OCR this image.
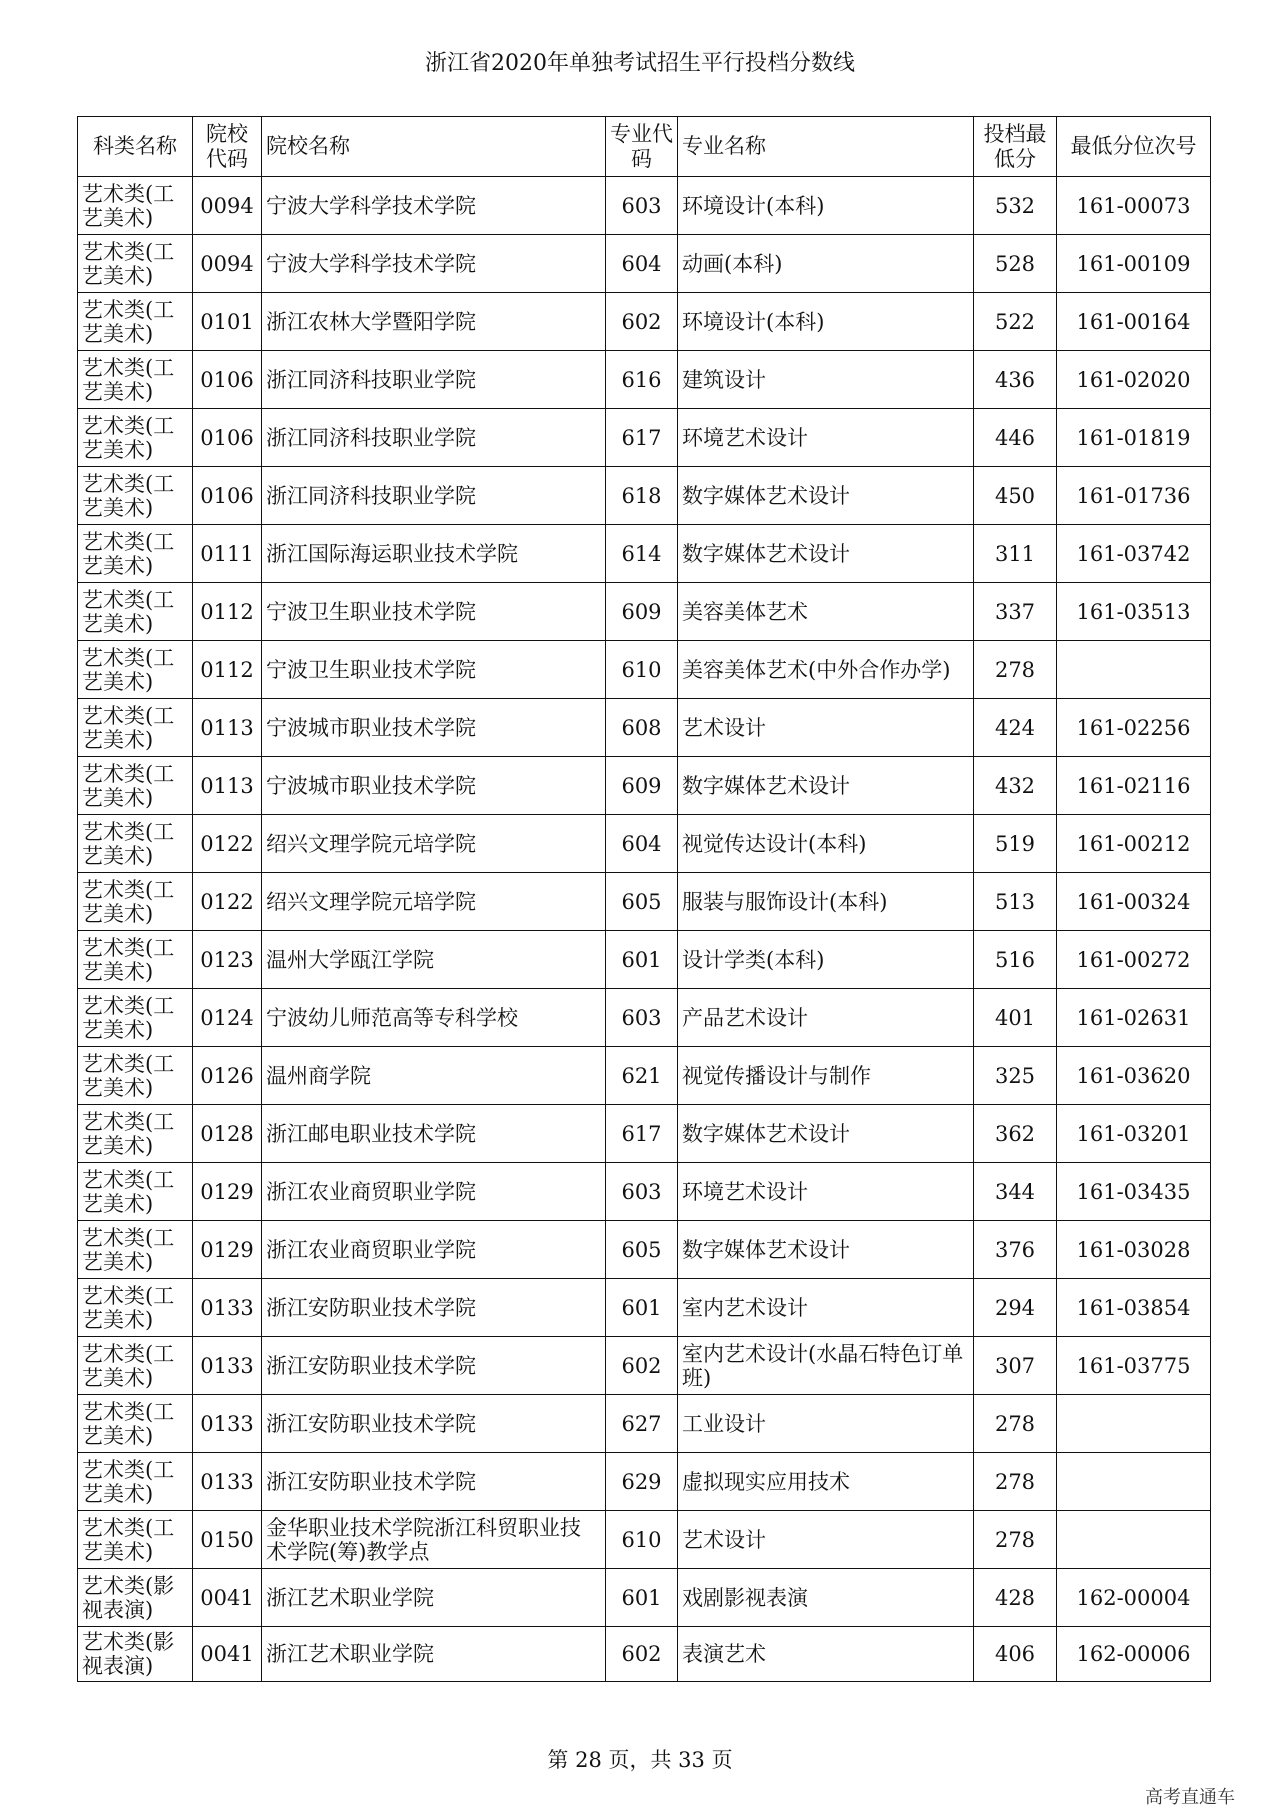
浙江省2020年单独考试招生平行投档分数线
科类名称	院校代码	院校名称	专业代码	专业名称	投档最低分	最低分位次号
艺术类(工艺美术)	0094	宁波大学科学技术学院	603	环境设计(本科)	532	161-00073
艺术类(工艺美术)	0094	宁波大学科学技术学院	604	动画(本科)	528	161-00109
艺术类(工艺美术)	0101	浙江农林大学暨阳学院	602	环境设计(本科)	522	161-00164
艺术类(工艺美术)	0106	浙江同济科技职业学院	616	建筑设计	436	161-02020
艺术类(工艺美术)	0106	浙江同济科技职业学院	617	环境艺术设计	446	161-01819
艺术类(工艺美术)	0106	浙江同济科技职业学院	618	数字媒体艺术设计	450	161-01736
艺术类(工艺美术)	0111	浙江国际海运职业技术学院	614	数字媒体艺术设计	311	161-03742
艺术类(工艺美术)	0112	宁波卫生职业技术学院	609	美容美体艺术	337	161-03513
艺术类(工艺美术)	0112	宁波卫生职业技术学院	610	美容美体艺术(中外合作办学)	278	
艺术类(工艺美术)	0113	宁波城市职业技术学院	608	艺术设计	424	161-02256
艺术类(工艺美术)	0113	宁波城市职业技术学院	609	数字媒体艺术设计	432	161-02116
艺术类(工艺美术)	0122	绍兴文理学院元培学院	604	视觉传达设计(本科)	519	161-00212
艺术类(工艺美术)	0122	绍兴文理学院元培学院	605	服装与服饰设计(本科)	513	161-00324
艺术类(工艺美术)	0123	温州大学瓯江学院	601	设计学类(本科)	516	161-00272
艺术类(工艺美术)	0124	宁波幼儿师范高等专科学校	603	产品艺术设计	401	161-02631
艺术类(工艺美术)	0126	温州商学院	621	视觉传播设计与制作	325	161-03620
艺术类(工艺美术)	0128	浙江邮电职业技术学院	617	数字媒体艺术设计	362	161-03201
艺术类(工艺美术)	0129	浙江农业商贸职业学院	603	环境艺术设计	344	161-03435
艺术类(工艺美术)	0129	浙江农业商贸职业学院	605	数字媒体艺术设计	376	161-03028
艺术类(工艺美术)	0133	浙江安防职业技术学院	601	室内艺术设计	294	161-03854
艺术类(工艺美术)	0133	浙江安防职业技术学院	602	室内艺术设计(水晶石特色订单班)	307	161-03775
艺术类(工艺美术)	0133	浙江安防职业技术学院	627	工业设计	278	
艺术类(工艺美术)	0133	浙江安防职业技术学院	629	虚拟现实应用技术	278	
艺术类(工艺美术)	0150	金华职业技术学院浙江科贸职业技术学院(筹)教学点	610	艺术设计	278	
艺术类(影视表演)	0041	浙江艺术职业学院	601	戏剧影视表演	428	162-00004
艺术类(影视表演)	0041	浙江艺术职业学院	602	表演艺术	406	162-00006
第 28 页，共 33 页
高考直通车
